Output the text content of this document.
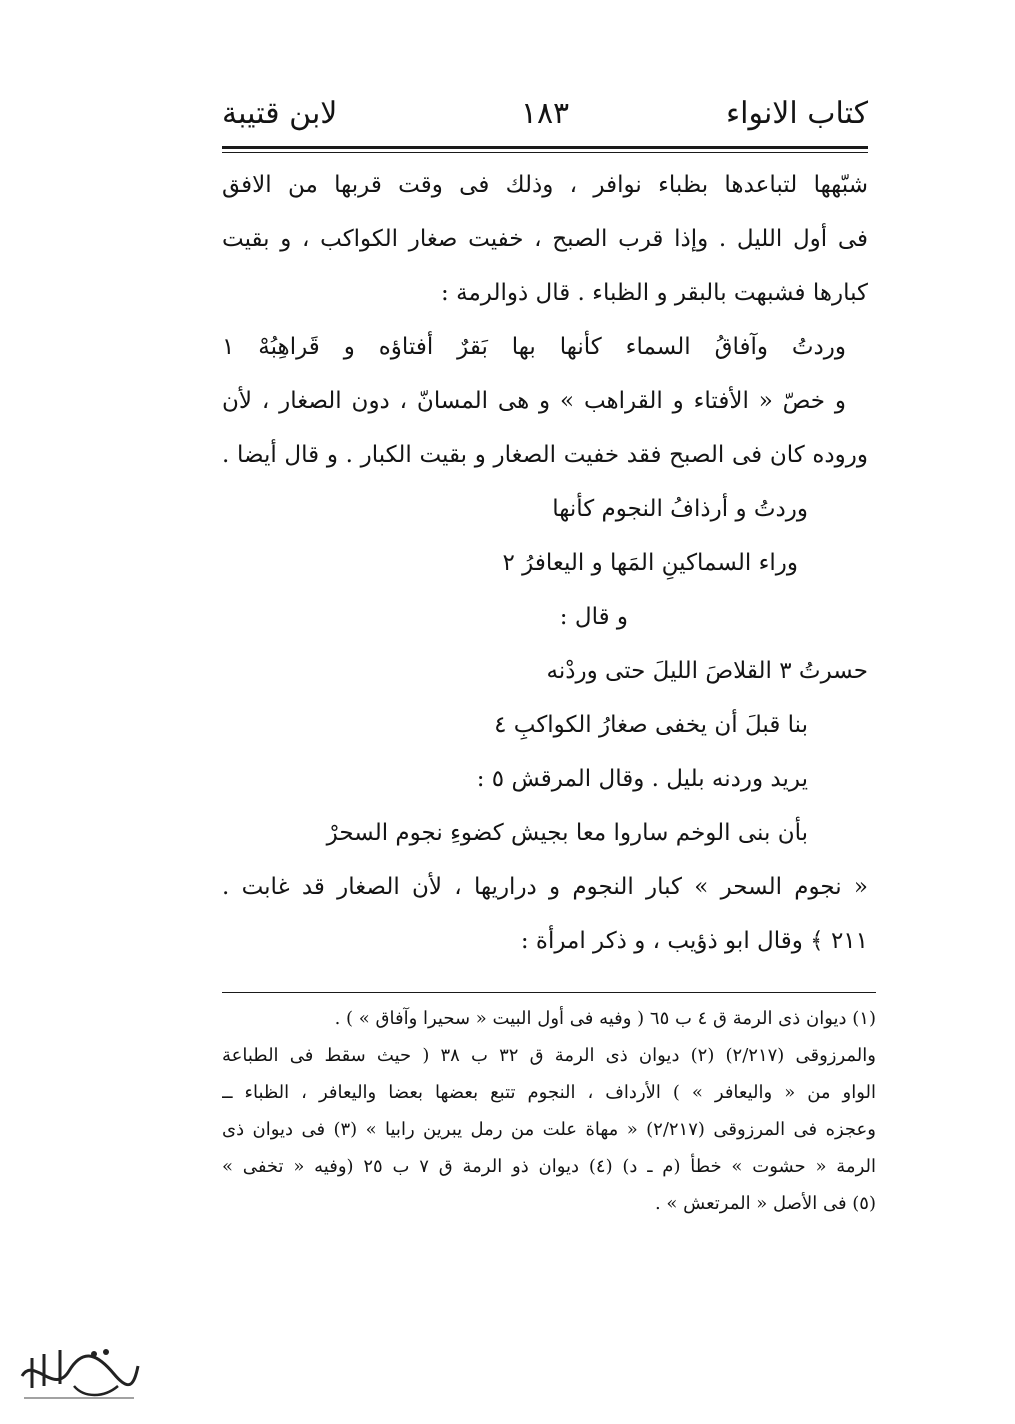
كتاب الانواء
١٨٣
لابن قتيبة
شبّهها لتباعدها بظباء نوافر ، وذلك فى وقت قربها من الافق
فى أول الليل . وإذا قرب الصبح ، خفيت صغار الكواكب ، و بقيت
كبارها فشبهت بالبقر و الظباء . قال ذوالرمة :
وردتُ وآفاقُ السماء كأنها بها بَقرٌ أفتاؤه و قَراهِبُهْ ١
و خصّ « الأفتاء و القراهب » و هى المسانّ ، دون الصغار ، لأن
وروده كان فى الصبح فقد خفيت الصغار و بقيت الكبار . و قال أيضا .
وردتُ و أرذافُ النجوم كأنها
وراء السماكينِ المَها و اليعافرُ ٢
و قال :
حسرتُ ٣ القلاصَ الليلَ حتى وردْنه
بنا قبلَ أن يخفى صغارُ الكواكبِ ٤
يريد وردنه بليل . وقال المرقش ٥ :
بأن بنى الوخم ساروا معا بجيش كضوءِ نجوم السحرْ
« نجوم السحر » كبار النجوم و دراريها ، لأن الصغار قد غابت .
٢١١ ﴾ وقال ابو ذؤيب ، و ذكر امرأة :
(١) ديوان ذى الرمة ق ٤ ب ٦٥ ( وفيه فى أول البيت « سحيرا وآفاق » ) .
والمرزوقى (٢/٢١٧) (٢) ديوان ذى الرمة ق ٣٢ ب ٣٨ ( حيث سقط فى الطباعة
الواو من « واليعافر » ) الأرداف ، النجوم تتبع بعضها بعضا واليعافر ، الظباء ــ
وعجزه فى المرزوقى (٢/٢١٧) « مهاة علت من رمل يبرين رابيا » (٣) فى ديوان ذى
الرمة « حشوت » خطأ (م ـ د) (٤) ديوان ذو الرمة ق ٧ ب ٢٥ (وفيه « تخفى »
(٥) فى الأصل « المرتعش » .
